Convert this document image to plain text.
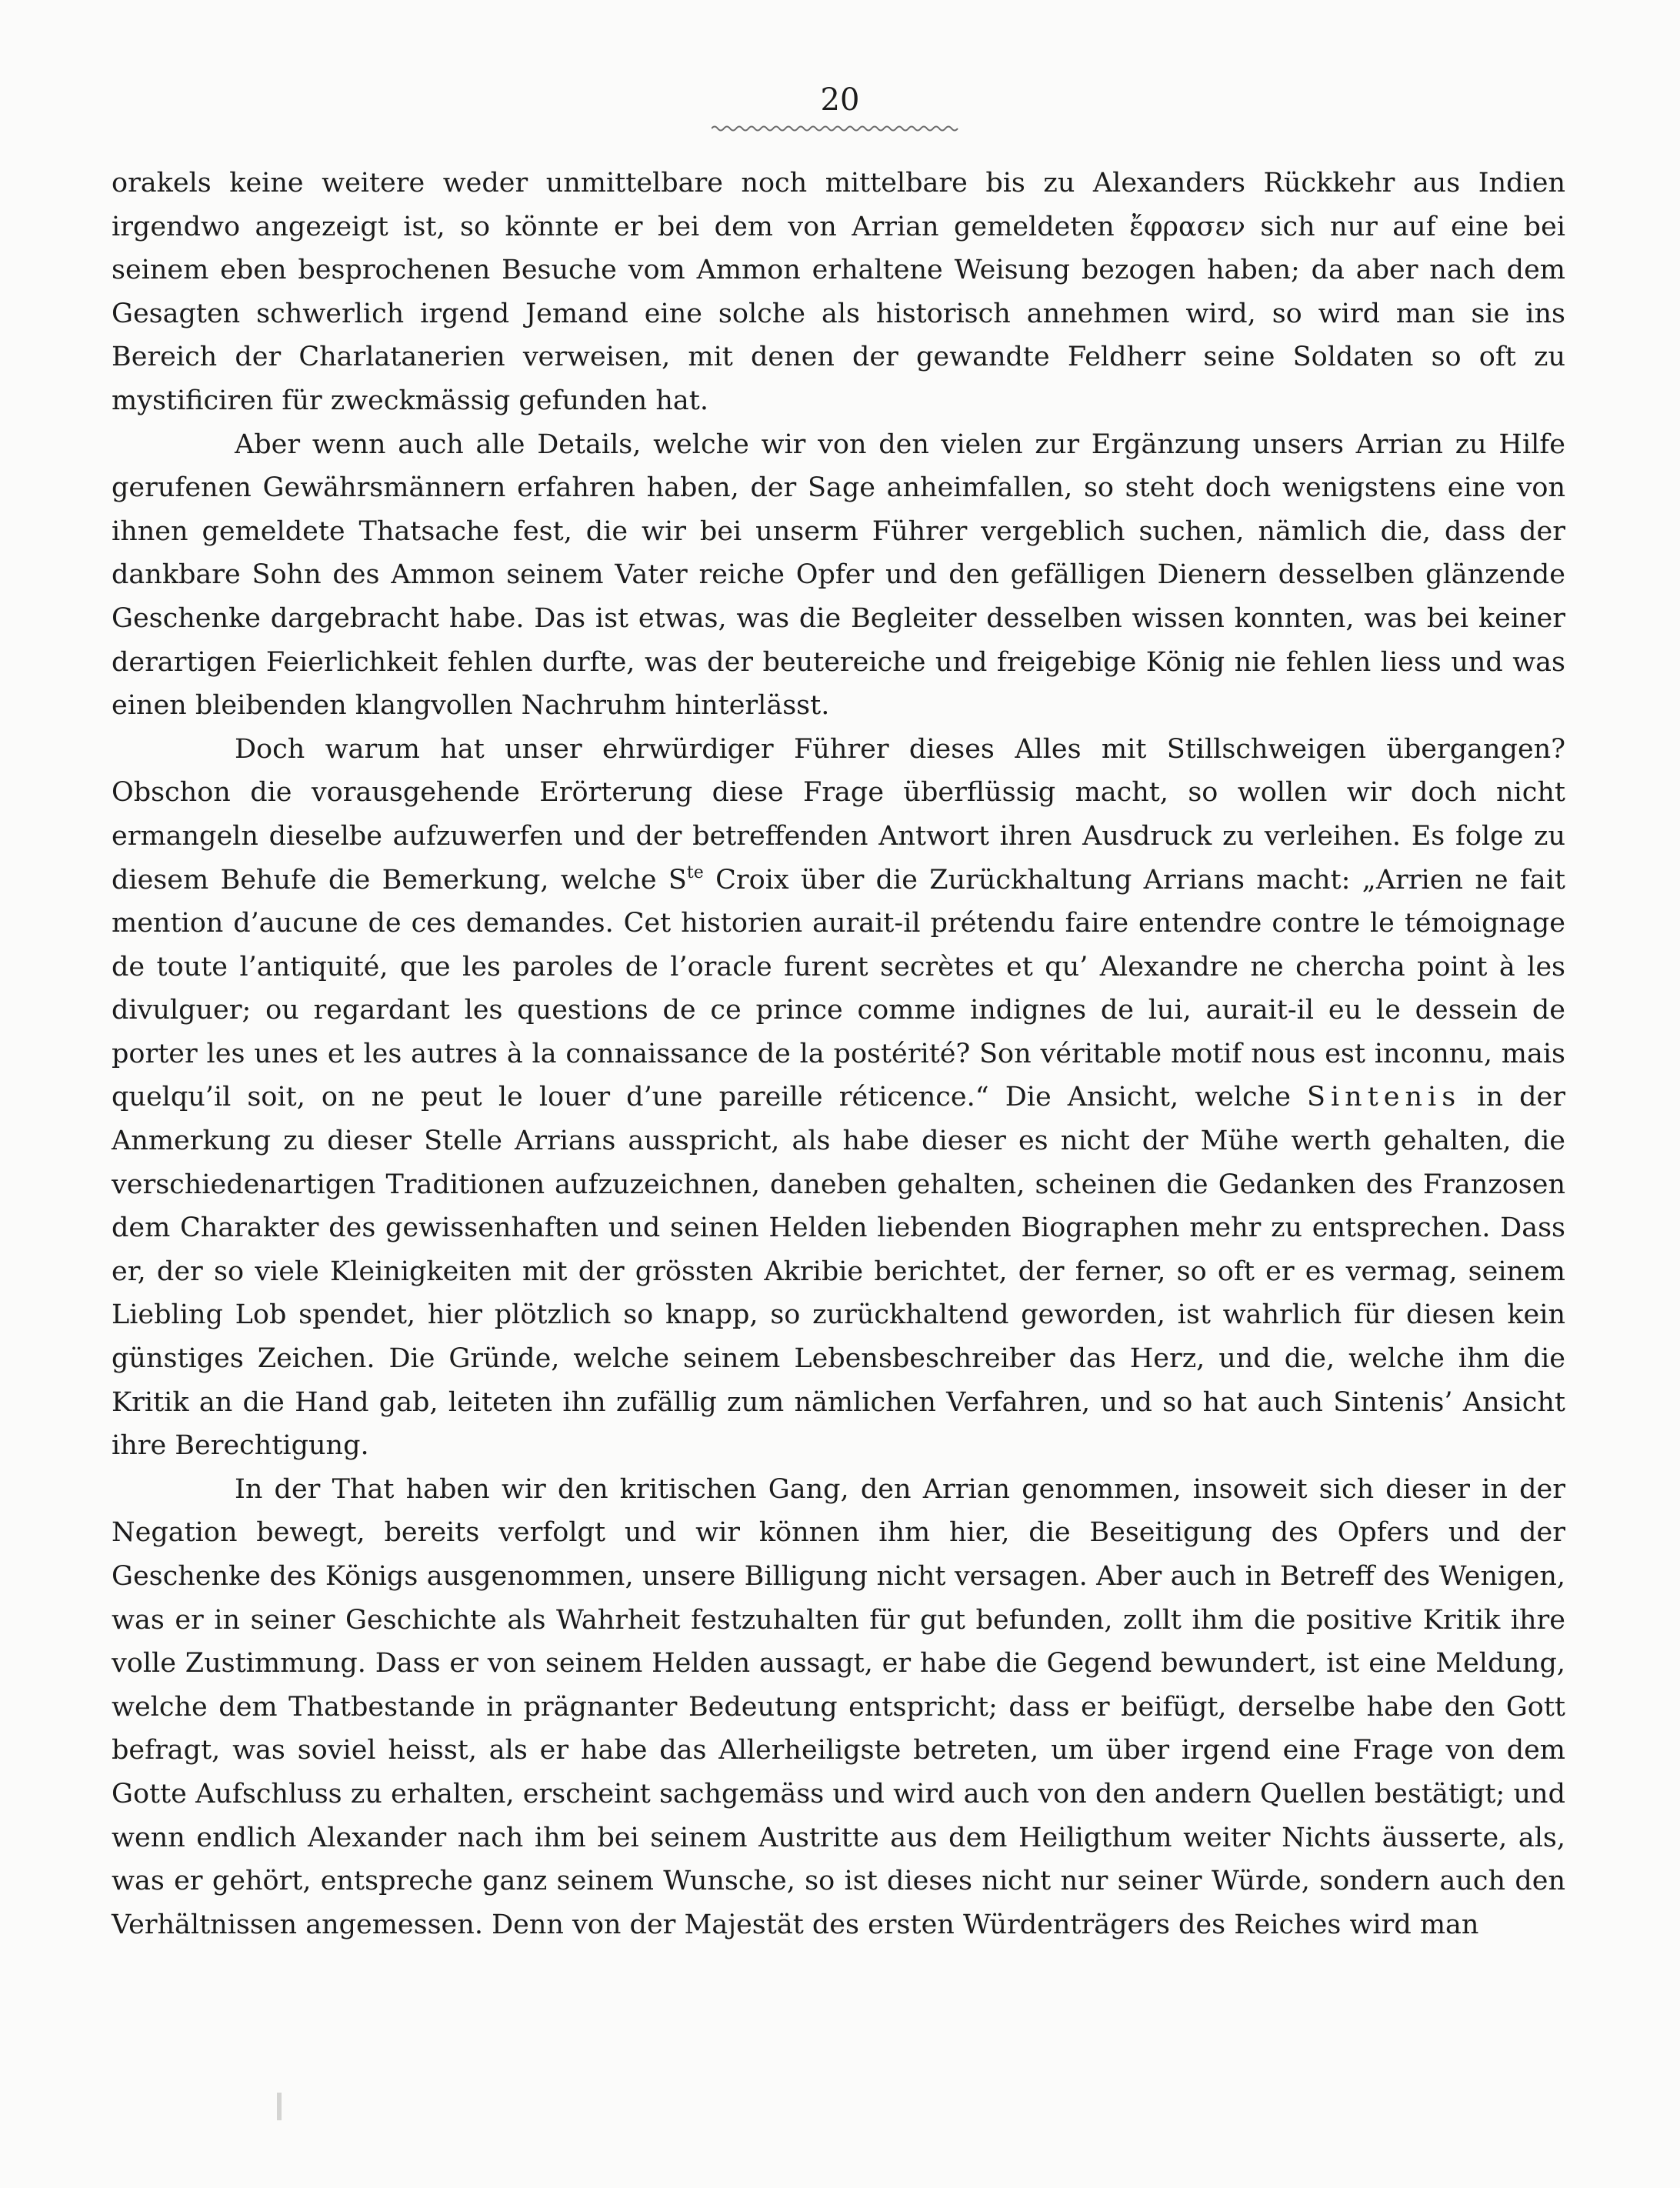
20

orakels keine weitere weder unmittelbare noch mittelbare bis zu Alexanders Rückkehr aus Indien irgendwo angezeigt ist, so könnte er bei dem von Arrian gemeldeten ἔφρασεν sich nur auf eine bei seinem eben besprochenen Besuche vom Ammon erhaltene Weisung bezogen haben; da aber nach dem Gesagten schwerlich irgend Jemand eine solche als historisch annehmen wird, so wird man sie ins Bereich der Charlatanerien verweisen, mit denen der gewandte Feldherr seine Soldaten so oft zu mystificiren für zweckmässig gefunden hat.

Aber wenn auch alle Details, welche wir von den vielen zur Ergänzung unsers Arrian zu Hilfe gerufenen Gewährsmännern erfahren haben, der Sage anheimfallen, so steht doch wenigstens eine von ihnen gemeldete Thatsache fest, die wir bei unserm Führer vergeblich suchen, nämlich die, dass der dankbare Sohn des Ammon seinem Vater reiche Opfer und den gefälligen Dienern desselben glänzende Geschenke dargebracht habe. Das ist etwas, was die Begleiter desselben wissen konnten, was bei keiner derartigen Feierlichkeit fehlen durfte, was der beutereiche und freigebige König nie fehlen liess und was einen bleibenden klangvollen Nachruhm hinterlässt.

Doch warum hat unser ehrwürdiger Führer dieses Alles mit Stillschweigen übergangen? Obschon die vorausgehende Erörterung diese Frage überflüssig macht, so wollen wir doch nicht ermangeln dieselbe aufzuwerfen und der betreffenden Antwort ihren Ausdruck zu verleihen. Es folge zu diesem Behufe die Bemerkung, welche $S^{te}$ Croix über die Zurückhaltung Arrians macht: „Arrien ne fait mention d’aucune de ces demandes. Cet historien aurait-il prétendu faire entendre contre le témoignage de toute l’antiquité, que les paroles de l’oracle furent secrètes et qu’ Alexandre ne chercha point à les divulguer; ou regardant les questions de ce prince comme indignes de lui, aurait-il eu le dessein de porter les unes et les autres à la connaissance de la postérité? Son véritable motif nous est inconnu, mais quelqu’il soit, on ne peut le louer d’une pareille réticence.“ Die Ansicht, welche Sintenis in der Anmerkung zu dieser Stelle Arrians ausspricht, als habe dieser es nicht der Mühe werth gehalten, die verschiedenartigen Traditionen aufzuzeichnen, daneben gehalten, scheinen die Gedanken des Franzosen dem Charakter des gewissenhaften und seinen Helden liebenden Biographen mehr zu entsprechen. Dass er, der so viele Kleinigkeiten mit der grössten Akribie berichtet, der ferner, so oft er es vermag, seinem Liebling Lob spendet, hier plötzlich so knapp, so zurückhaltend geworden, ist wahrlich für diesen kein günstiges Zeichen. Die Gründe, welche seinem Lebensbeschreiber das Herz, und die, welche ihm die Kritik an die Hand gab, leiteten ihn zufällig zum nämlichen Verfahren, und so hat auch Sintenis’ Ansicht ihre Berechtigung.

In der That haben wir den kritischen Gang, den Arrian genommen, insoweit sich dieser in der Negation bewegt, bereits verfolgt und wir können ihm hier, die Beseitigung des Opfers und der Geschenke des Königs ausgenommen, unsere Billigung nicht versagen. Aber auch in Betreff des Wenigen, was er in seiner Geschichte als Wahrheit festzuhalten für gut befunden, zollt ihm die positive Kritik ihre volle Zustimmung. Dass er von seinem Helden aussagt, er habe die Gegend bewundert, ist eine Meldung, welche dem Thatbestande in prägnanter Bedeutung entspricht; dass er beifügt, derselbe habe den Gott befragt, was soviel heisst, als er habe das Allerheiligste betreten, um über irgend eine Frage von dem Gotte Aufschluss zu erhalten, erscheint sachgemäss und wird auch von den andern Quellen bestätigt; und wenn endlich Alexander nach ihm bei seinem Austritte aus dem Heiligthum weiter Nichts äusserte, als, was er gehört, entspreche ganz seinem Wunsche, so ist dieses nicht nur seiner Würde, sondern auch den Verhältnissen angemessen. Denn von der Majestät des ersten Würdenträgers des Reiches wird man
